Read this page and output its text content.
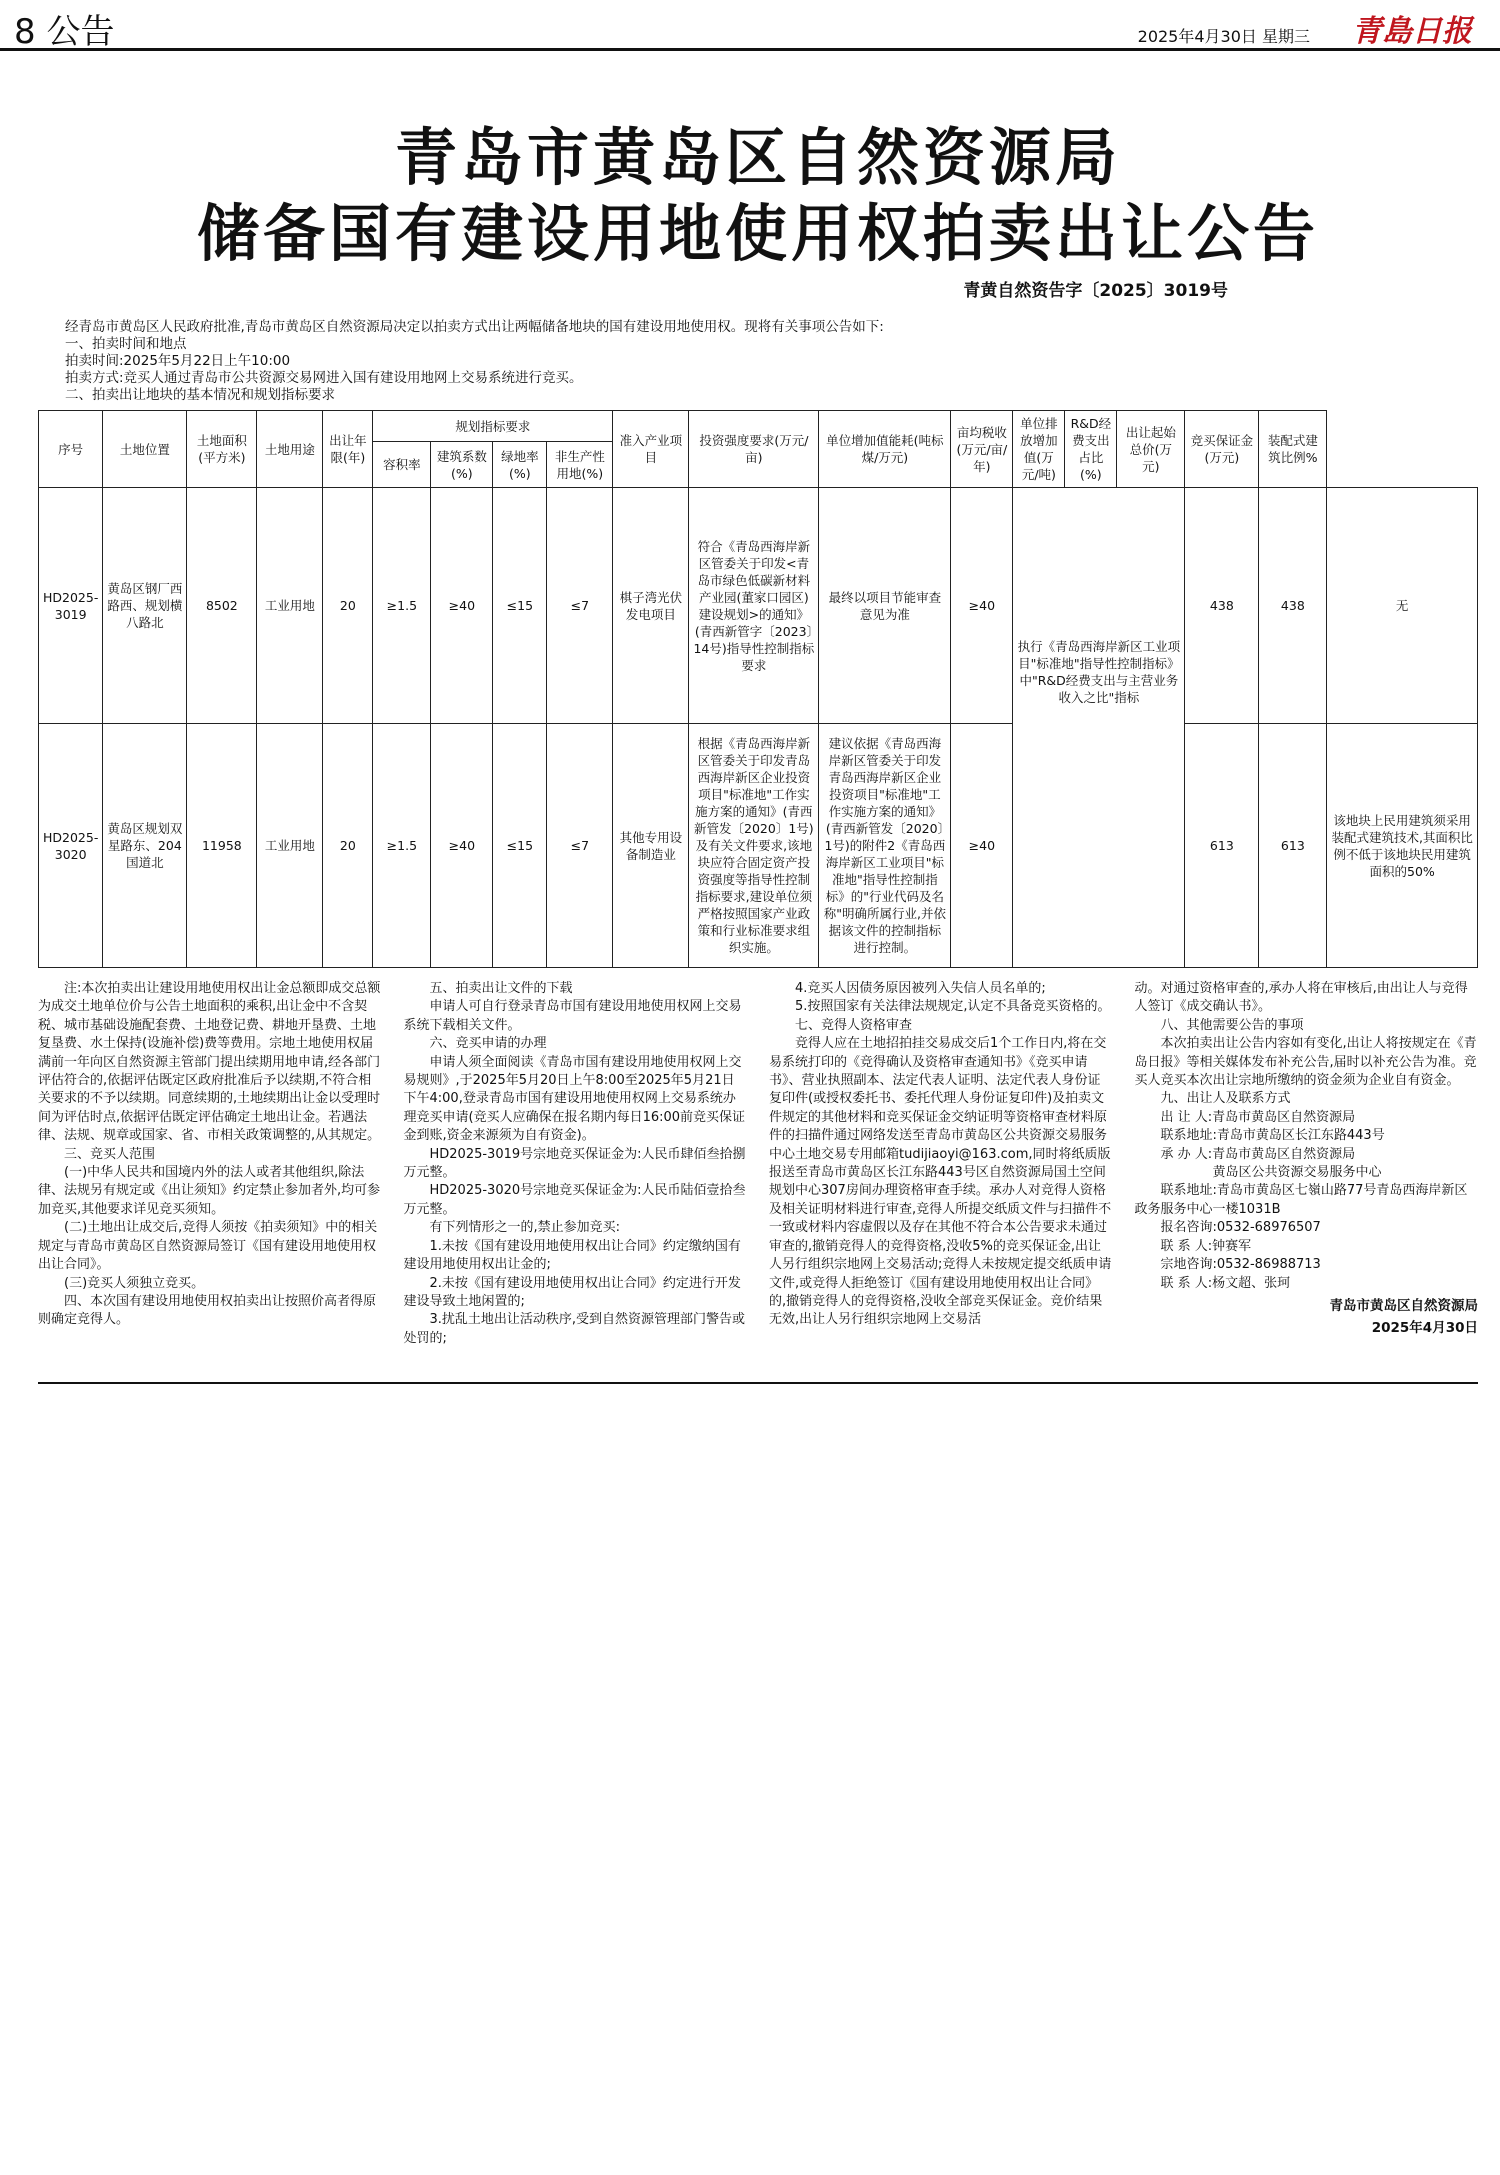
8 公告	2025年4月30日 星期三 青島日报
青岛市黄岛区自然资源局
储备国有建设用地使用权拍卖出让公告
青黄自然资告字〔2025〕3019号
经青岛市黄岛区人民政府批准,青岛市黄岛区自然资源局决定以拍卖方式出让两幅储备地块的国有建设用地使用权。现将有关事项公告如下:
一、拍卖时间和地点
拍卖时间:2025年5月22日上午10:00
拍卖方式:竞买人通过青岛市公共资源交易网进入国有建设用地网上交易系统进行竞买。
二、拍卖出让地块的基本情况和规划指标要求
序号	土地位置	土地面积(平方米)	土地用途	出让年限(年)	规划指标要求				准入产业项目	投资强度要求(万元/亩)	单位增加值能耗(吨标煤/万元)	亩均税收(万元/亩/年)	单位排放增加值(万元/吨)	R&D经费支出占比(%)	出让起始总价(万元)	竞买保证金(万元)	装配式建筑比例%	
					容积率	建筑系数(%)	绿地率(%)	非生产性用地(%)										
HD2025-3019	黄岛区钢厂西路西、规划横八路北	8502	工业用地	20	≥1.5	≥40	≤15	≤7	棋子湾光伏发电项目	符合《青岛西海岸新区管委关于印发<青岛市绿色低碳新材料产业园(董家口园区)建设规划>的通知》(青西新管字〔2023〕14号)指导性控制指标要求	最终以项目节能审查意见为准	≥40	执行《青岛西海岸新区工业项目"标准地"指导性控制指标》中"R&D经费支出与主营业务收入之比"指标			438	438	无
HD2025-3020	黄岛区规划双星路东、204国道北	11958	工业用地	20	≥1.5	≥40	≤15	≤7	其他专用设备制造业	根据《青岛西海岸新区管委关于印发青岛西海岸新区企业投资项目"标准地"工作实施方案的通知》(青西新管发〔2020〕1号)及有关文件要求,该地块应符合固定资产投资强度等指导性控制指标要求,建设单位须严格按照国家产业政策和行业标准要求组织实施。	建议依据《青岛西海岸新区管委关于印发青岛西海岸新区企业投资项目"标准地"工作实施方案的通知》(青西新管发〔2020〕1号)的附件2《青岛西海岸新区工业项目"标准地"指导性控制指标》的"行业代码及名称"明确所属行业,并依据该文件的控制指标进行控制。	≥40				613	613	该地块上民用建筑须采用装配式建筑技术,其面积比例不低于该地块民用建筑面积的50%

注:本次拍卖出让建设用地使用权出让金总额即成交总额为成交土地单位价与公告土地面积的乘积,出让金中不含契税、城市基础设施配套费、土地登记费、耕地开垦费、土地复垦费、水土保持(设施补偿)费等费用。宗地土地使用权届满前一年向区自然资源主管部门提出续期用地申请,经各部门评估符合的,依据评估既定区政府批准后予以续期,不符合相关要求的不予以续期。同意续期的,土地续期出让金以受理时间为评估时点,依据评估既定评估确定土地出让金。若遇法律、法规、规章或国家、省、市相关政策调整的,从其规定。

三、竞买人范围

(一)中华人民共和国境内外的法人或者其他组织,除法律、法规另有规定或《出让须知》约定禁止参加者外,均可参加竞买,其他要求详见竞买须知。

(二)土地出让成交后,竞得人须按《拍卖须知》中的相关规定与青岛市黄岛区自然资源局签订《国有建设用地使用权出让合同》。

(三)竞买人须独立竞买。

四、本次国有建设用地使用权拍卖出让按照价高者得原则确定竞得人。

五、拍卖出让文件的下载

申请人可自行登录青岛市国有建设用地使用权网上交易系统下载相关文件。

六、竞买申请的办理

申请人须全面阅读《青岛市国有建设用地使用权网上交易规则》,于2025年5月20日上午8:00至2025年5月21日下午4:00,登录青岛市国有建设用地使用权网上交易系统办理竞买申请(竞买人应确保在报名期内每日16:00前竞买保证金到账,资金来源须为自有资金)。

HD2025-3019号宗地竞买保证金为:人民币肆佰叁拾捌万元整。

HD2025-3020号宗地竞买保证金为:人民币陆佰壹拾叁万元整。

有下列情形之一的,禁止参加竞买:

1.未按《国有建设用地使用权出让合同》约定缴纳国有建设用地使用权出让金的;

2.未按《国有建设用地使用权出让合同》约定进行开发建设导致土地闲置的;

3.扰乱土地出让活动秩序,受到自然资源管理部门警告或处罚的;

4.竞买人因债务原因被列入失信人员名单的;

5.按照国家有关法律法规规定,认定不具备竞买资格的。

七、竞得人资格审查

竞得人应在土地招拍挂交易成交后1个工作日内,将在交易系统打印的《竞得确认及资格审查通知书》《竞买申请书》、营业执照副本、法定代表人证明、法定代表人身份证复印件(或授权委托书、委托代理人身份证复印件)及拍卖文件规定的其他材料和竞买保证金交纳证明等资格审查材料原件的扫描件通过网络发送至青岛市黄岛区公共资源交易服务中心土地交易专用邮箱tudijiaoyi@163.com,同时将纸质版报送至青岛市黄岛区长江东路443号区自然资源局国土空间规划中心307房间办理资格审查手续。承办人对竞得人资格及相关证明材料进行审查,竞得人所提交纸质文件与扫描件不一致或材料内容虚假以及存在其他不符合本公告要求未通过审查的,撤销竞得人的竞得资格,没收5%的竞买保证金,出让人另行组织宗地网上交易活动;竞得人未按规定提交纸质申请文件,或竞得人拒绝签订《国有建设用地使用权出让合同》的,撤销竞得人的竞得资格,没收全部竞买保证金。竞价结果无效,出让人另行组织宗地网上交易活

动。对通过资格审查的,承办人将在审核后,由出让人与竞得人签订《成交确认书》。

八、其他需要公告的事项

本次拍卖出让公告内容如有变化,出让人将按规定在《青岛日报》等相关媒体发布补充公告,届时以补充公告为准。竞买人竞买本次出让宗地所缴纳的资金须为企业自有资金。

九、出让人及联系方式

出 让 人:青岛市黄岛区自然资源局

联系地址:青岛市黄岛区长江东路443号

承 办 人:青岛市黄岛区自然资源局

黄岛区公共资源交易服务中心

联系地址:青岛市黄岛区七嶺山路77号青岛西海岸新区政务服务中心一楼1031B

报名咨询:0532-68976507

联 系 人:钟赛军

宗地咨询:0532-86988713

联 系 人:杨文超、张珂

青岛市黄岛区自然资源局
2025年4月30日
